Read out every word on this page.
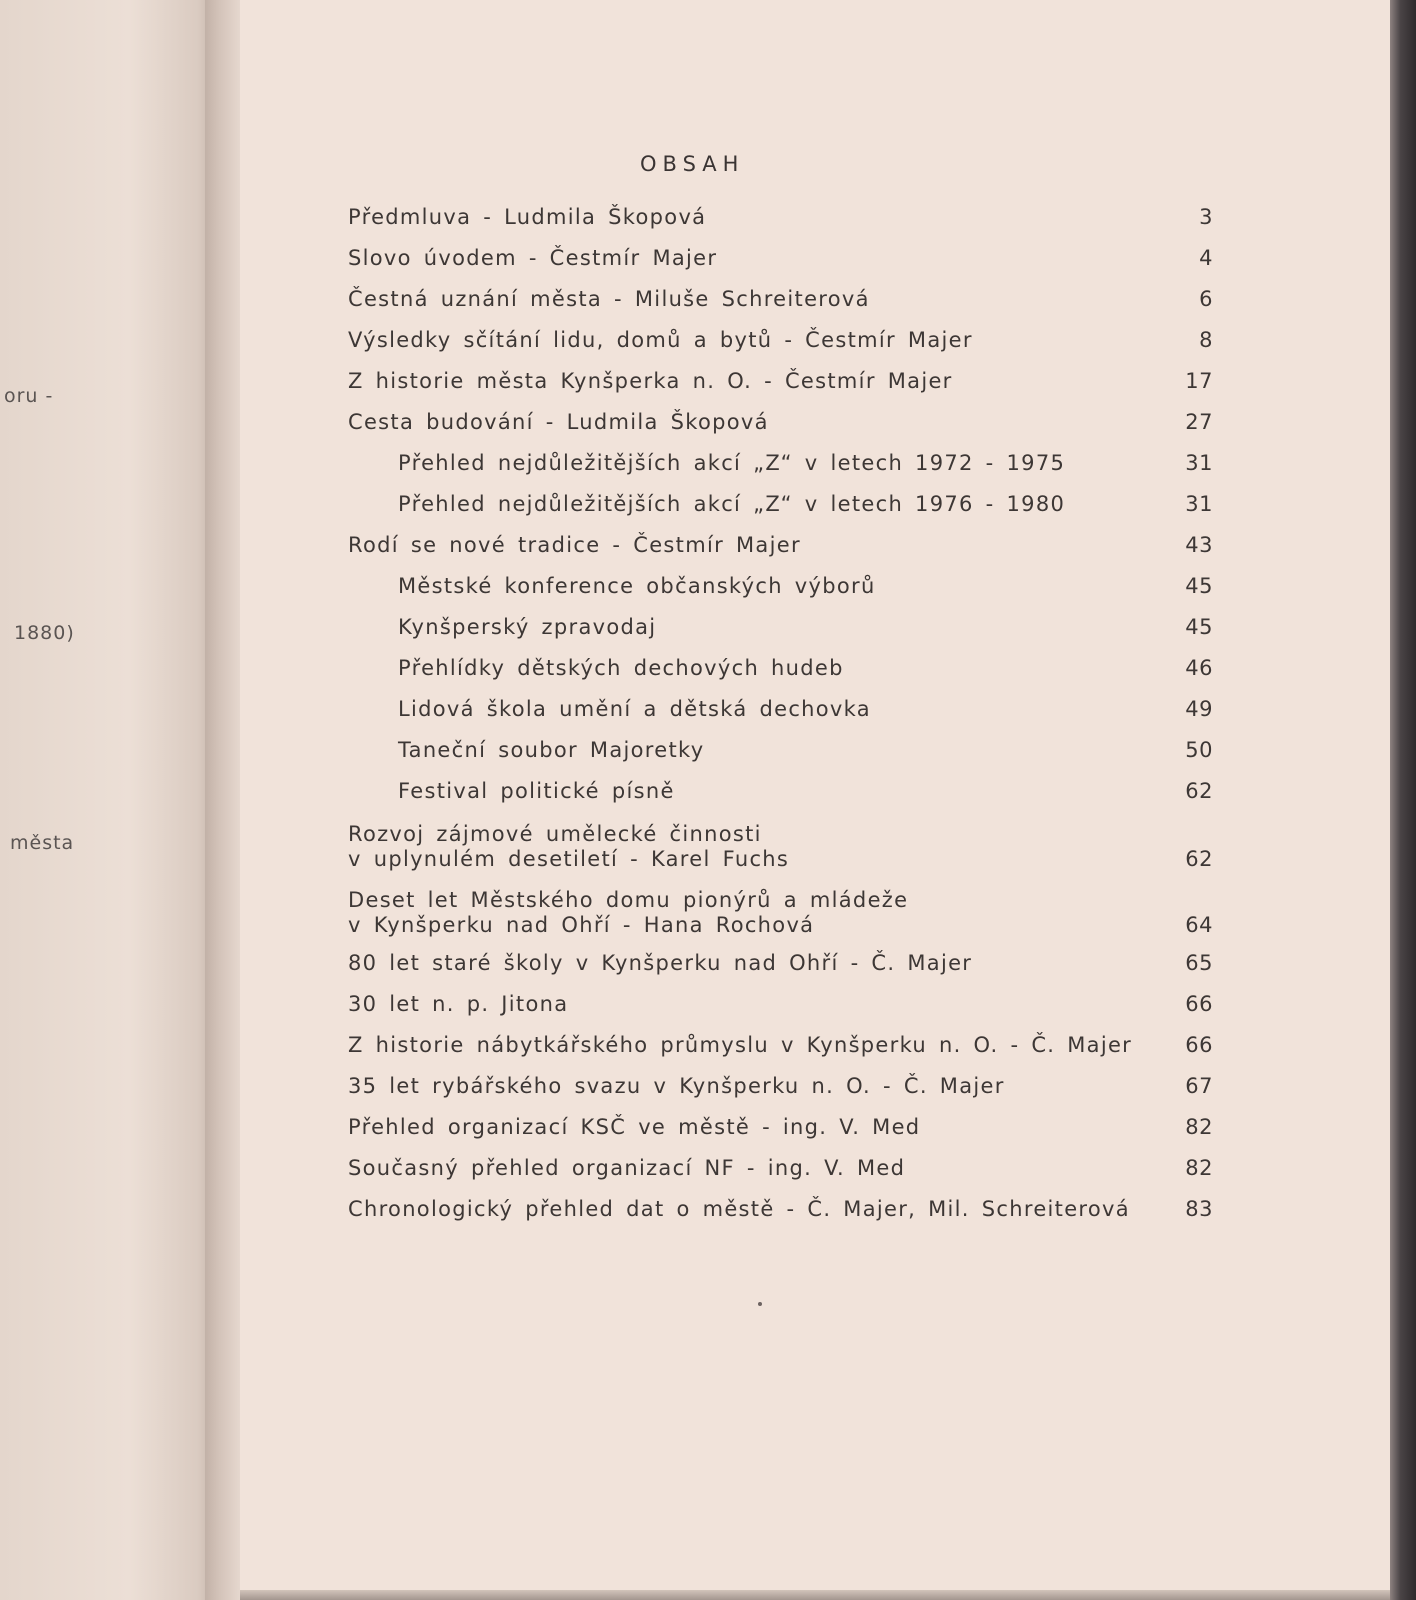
oru -
1880)
města
OBSAH
Předmluva - Ludmila Škopová	3
Slovo úvodem - Čestmír Majer	4
Čestná uznání města - Miluše Schreiterová	6
Výsledky sčítání lidu, domů a bytů - Čestmír Majer	8
Z historie města Kynšperka n. O. - Čestmír Majer	17
Cesta budování - Ludmila Škopová	27
Přehled nejdůležitějších akcí „Z“ v letech 1972 - 1975	31
Přehled nejdůležitějších akcí „Z“ v letech 1976 - 1980	31
Rodí se nové tradice - Čestmír Majer	43
Městské konference občanských výborů	45
Kynšperský zpravodaj	45
Přehlídky dětských dechových hudeb	46
Lidová škola umění a dětská dechovka	49
Taneční soubor Majoretky	50
Festival politické písně	62
Rozvoj zájmové umělecké činnosti
v uplynulém desetiletí - Karel Fuchs	62
Deset let Městského domu pionýrů a mládeže
v Kynšperku nad Ohří - Hana Rochová	64
80 let staré školy v Kynšperku nad Ohří - Č. Majer	65
30 let n. p. Jitona	66
Z historie nábytkářského průmyslu v Kynšperku n. O. - Č. Majer	66
35 let rybářského svazu v Kynšperku n. O. - Č. Majer	67
Přehled organizací KSČ ve městě - ing. V. Med	82
Současný přehled organizací NF - ing. V. Med	82
Chronologický přehled dat o městě - Č. Majer, Mil. Schreiterová	83
